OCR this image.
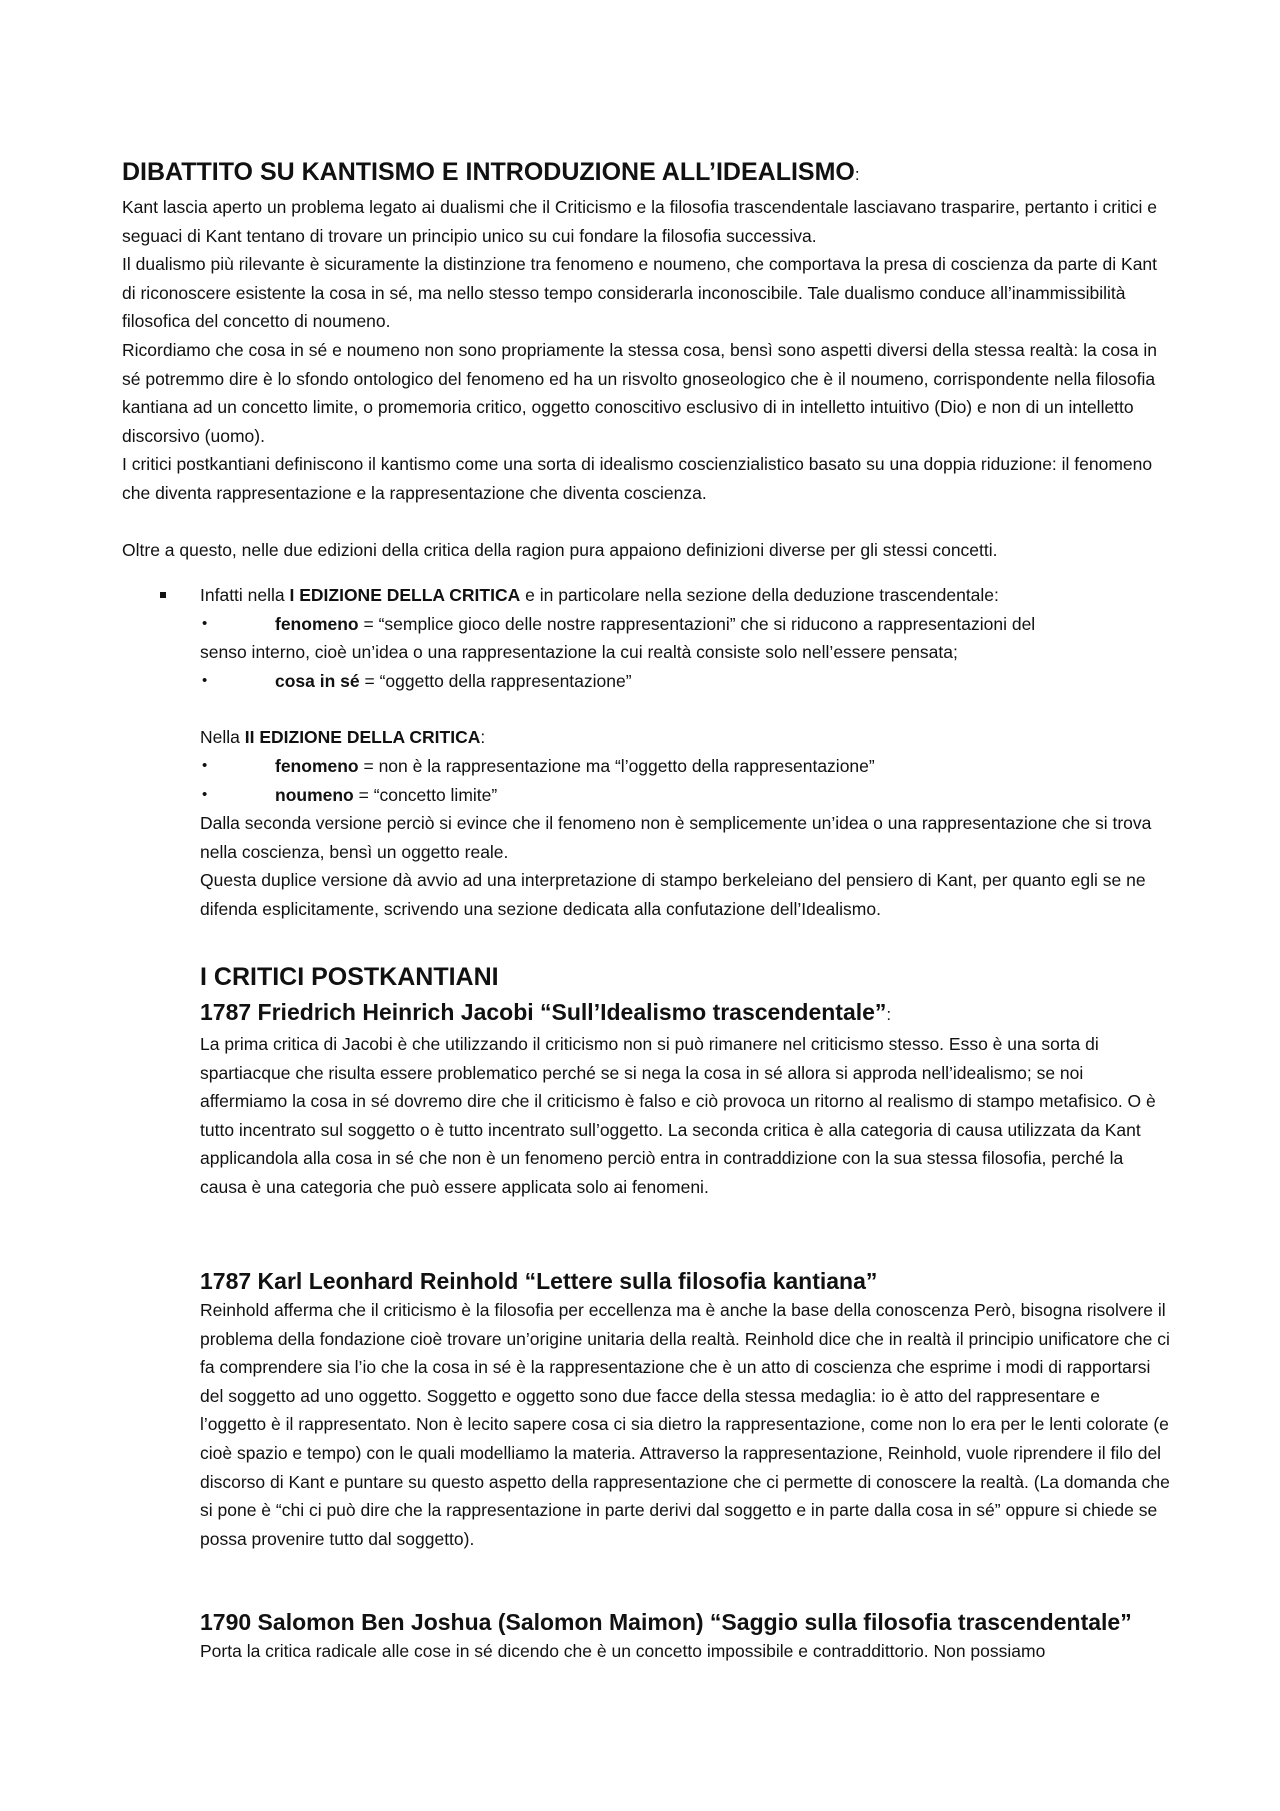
DIBATTITO SU KANTISMO E INTRODUZIONE ALL’IDEALISMO:

Kant lascia aperto un problema legato ai dualismi che il Criticismo e la filosofia trascendentale lasciavano trasparire, pertanto i critici e seguaci di Kant tentano di trovare un principio unico su cui fondare la filosofia successiva.

Il dualismo più rilevante è sicuramente la distinzione tra fenomeno e noumeno, che comportava la presa di coscienza da parte di Kant di riconoscere esistente la cosa in sé, ma nello stesso tempo considerarla inconoscibile. Tale dualismo conduce all’inammissibilità filosofica del concetto di noumeno.

Ricordiamo che cosa in sé e noumeno non sono propriamente la stessa cosa, bensì sono aspetti diversi della stessa realtà: la cosa in sé potremmo dire è lo sfondo ontologico del fenomeno ed ha un risvolto gnoseologico che è il noumeno, corrispondente nella filosofia kantiana ad un concetto limite, o promemoria critico, oggetto conoscitivo esclusivo di in intelletto intuitivo (Dio) e non di un intelletto discorsivo (uomo).

I critici postkantiani definiscono il kantismo come una sorta di idealismo coscienzialistico basato su una doppia riduzione: il fenomeno che diventa rappresentazione e la rappresentazione che diventa coscienza.

Oltre a questo, nelle due edizioni della critica della ragion pura appaiono definizioni diverse per gli stessi concetti.

Infatti nella I EDIZIONE DELLA CRITICA e in particolare nella sezione della deduzione trascendentale:

•	fenomeno = “semplice gioco delle nostre rappresentazioni” che si riducono a rappresentazioni del

senso interno, cioè un’idea o una rappresentazione la cui realtà consiste solo nell’essere pensata;

•	cosa in sé = “oggetto della rappresentazione”

Nella II EDIZIONE DELLA CRITICA:

•	fenomeno = non è la rappresentazione ma “l’oggetto della rappresentazione”
•	noumeno = “concetto limite”

Dalla seconda versione perciò si evince che il fenomeno non è semplicemente un’idea o una rappresentazione che si trova nella coscienza, bensì un oggetto reale.

Questa duplice versione dà avvio ad una interpretazione di stampo berkeleiano del pensiero di Kant, per quanto egli se ne difenda esplicitamente, scrivendo una sezione dedicata alla confutazione dell’Idealismo.

I CRITICI POSTKANTIANI
1787 Friedrich Heinrich Jacobi “Sull’Idealismo trascendentale”:

La prima critica di Jacobi è che utilizzando il criticismo non si può rimanere nel criticismo stesso. Esso è una sorta di spartiacque che risulta essere problematico perché se si nega la cosa in sé allora si approda nell’idealismo; se noi affermiamo la cosa in sé dovremo dire che il criticismo è falso e ciò provoca un ritorno al realismo di stampo metafisico. O è tutto incentrato sul soggetto o è tutto incentrato sull’oggetto. La seconda critica è alla categoria di causa utilizzata da Kant applicandola alla cosa in sé che non è un fenomeno perciò entra in contraddizione con la sua stessa filosofia, perché la causa è una categoria che può essere applicata solo ai fenomeni.

1787 Karl Leonhard Reinhold “Lettere sulla filosofia kantiana”

Reinhold afferma che il criticismo è la filosofia per eccellenza ma è anche la base della conoscenza Però, bisogna risolvere il problema della fondazione cioè trovare un’origine unitaria della realtà. Reinhold dice che in realtà il principio unificatore che ci fa comprendere sia l’io che la cosa in sé è la rappresentazione che è un atto di coscienza che esprime i modi di rapportarsi del soggetto ad uno oggetto. Soggetto e oggetto sono due facce della stessa medaglia: io è atto del rappresentare e l’oggetto è il rappresentato. Non è lecito sapere cosa ci sia dietro la rappresentazione, come non lo era per le lenti colorate (e cioè spazio e tempo) con le quali modelliamo la materia. Attraverso la rappresentazione, Reinhold, vuole riprendere il filo del discorso di Kant e puntare su questo aspetto della rappresentazione che ci permette di conoscere la realtà. (La domanda che si pone è “chi ci può dire che la rappresentazione in parte derivi dal soggetto e in parte dalla cosa in sé” oppure si chiede se possa provenire tutto dal soggetto).

1790 Salomon Ben Joshua (Salomon Maimon) “Saggio sulla filosofia trascendentale”

Porta la critica radicale alle cose in sé dicendo che è un concetto impossibile e contraddittorio. Non possiamo
